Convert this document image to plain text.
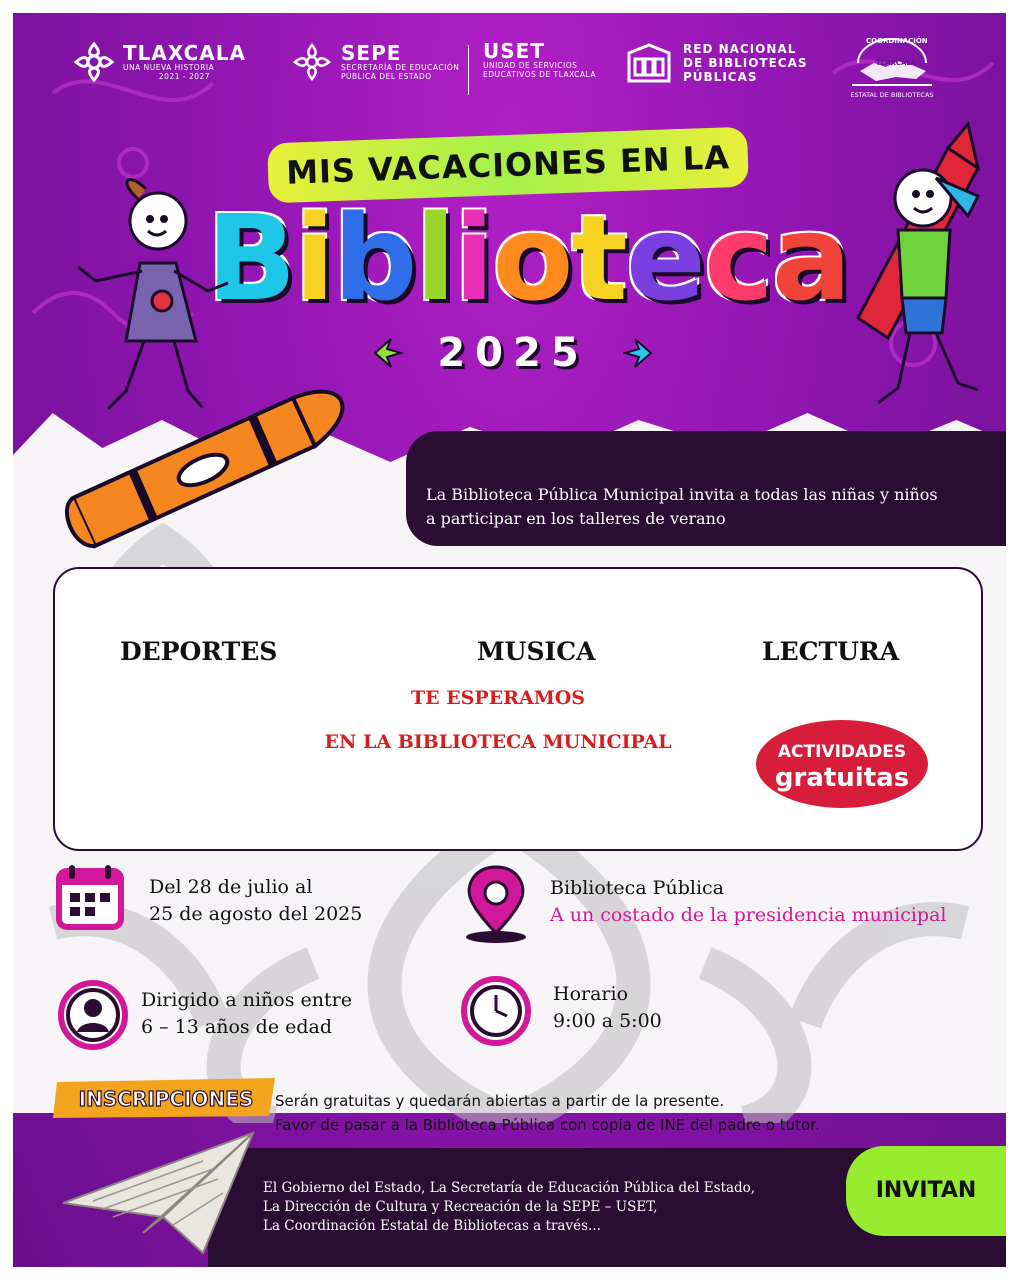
TLAXCALA
UNA NUEVA HISTORIA
2021 - 2027
SEPE
SECRETARÍA DE EDUCACIÓN
PÚBLICA DEL ESTADO
USET
UNIDAD DE SERVICIOS
EDUCATIVOS DE TLAXCALA
RED NACIONAL
DE BIBLIOTECAS
PÚBLICAS
COORDINACIÓN
TLAXCALA
ESTATAL DE BIBLIOTECAS
MIS VACACIONES EN LA
Biblioteca
2025
La Biblioteca Pública Municipal invita a todas las niñas y niños
a participar en los talleres de verano
DEPORTES	MUSICA	LECTURA
TE ESPERAMOS
EN LA BIBLIOTECA MUNICIPAL	ACTIVIDADES
gratuitas
Del 28 de julio al
25 de agosto del 2025
Biblioteca Pública
A un costado de la presidencia municipal
Dirigido a niños entre
6 – 13 años de edad
Horario
9:00 a 5:00
INSCRIPCIONES Serán gratuitas y quedarán abiertas a partir de la presente.
Favor de pasar a la Biblioteca Pública con copia de INE del padre o tutor.
El Gobierno del Estado, La Secretaría de Educación Pública del Estado,
La Dirección de Cultura y Recreación de la SEPE – USET,
La Coordinación Estatal de Bibliotecas a través...
INVITAN
